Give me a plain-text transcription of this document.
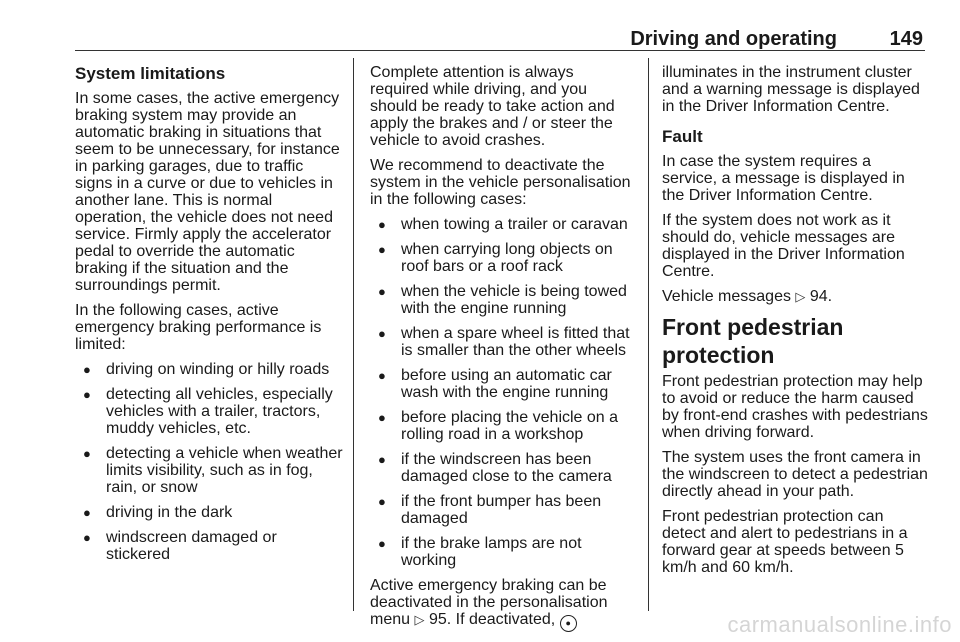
Driving and operating	149
System limitations

In some cases, the active emergency braking system may provide an automatic braking in situations that seem to be unnecessary, for instance in parking garages, due to traffic signs in a curve or due to vehicles in another lane. This is normal operation, the vehicle does not need service. Firmly apply the accelerator pedal to override the automatic braking if the situation and the surroundings permit.

In the following cases, active emergency braking performance is limited:

● driving on winding or hilly roads
● detecting all vehicles, especially vehicles with a trailer, tractors, muddy vehicles, etc.
● detecting a vehicle when weather limits visibility, such as in fog, rain, or snow
● driving in the dark
● windscreen damaged or stickered

Complete attention is always required while driving, and you should be ready to take action and apply the brakes and / or steer the vehicle to avoid crashes.

We recommend to deactivate the system in the vehicle personalisation in the following cases:

● when towing a trailer or caravan
● when carrying long objects on roof bars or a roof rack
● when the vehicle is being towed with the engine running
● when a spare wheel is fitted that is smaller than the other wheels
● before using an automatic car wash with the engine running
● before placing the vehicle on a rolling road in a workshop
● if the windscreen has been damaged close to the camera
● if the front bumper has been damaged
● if the brake lamps are not working

Active emergency braking can be deactivated in the personalisation menu ▷ 95. If deactivated, ●

illuminates in the instrument cluster and a warning message is displayed in the Driver Information Centre.

Fault

In case the system requires a service, a message is displayed in the Driver Information Centre.

If the system does not work as it should do, vehicle messages are displayed in the Driver Information Centre.

Vehicle messages ▷ 94.

Front pedestrian protection

Front pedestrian protection may help to avoid or reduce the harm caused by front-end crashes with pedestrians when driving forward.

The system uses the front camera in the windscreen to detect a pedestrian directly ahead in your path.

Front pedestrian protection can detect and alert to pedestrians in a forward gear at speeds between 5 km/h and 60 km/h.

carmanualsonline.info
